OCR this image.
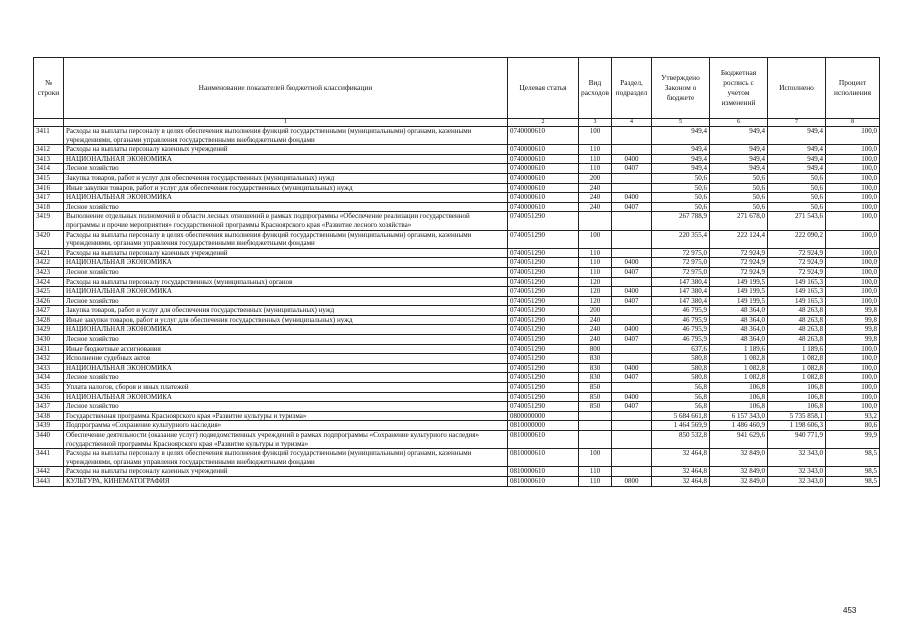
№ строки	Наименование показателей бюджетной классификации	Целевая статья	Вид расходов	Раздел, подраздел	Утверждено Законом о бюджете	Бюджетная роспись с учетом изменений	Исполнено	Процент исполнения
	1	2	3	4	5	6	7	8
3411	Расходы на выплаты персоналу в целях обеспечения выполнения функций государственными (муниципальными) органами, казенными учреждениями, органами управления государственными внебюджетными фондами	0740000610	100		949,4	949,4	949,4	100,0
3412	Расходы на выплаты персоналу казенных учреждений	0740000610	110		949,4	949,4	949,4	100,0
3413	НАЦИОНАЛЬНАЯ ЭКОНОМИКА	0740000610	110	0400	949,4	949,4	949,4	100,0
3414	Лесное хозяйство	0740000610	110	0407	949,4	949,4	949,4	100,0
3415	Закупка товаров, работ и услуг для обеспечения государственных (муниципальных) нужд	0740000610	200		50,6	50,6	50,6	100,0
3416	Иные закупки товаров, работ и услуг для обеспечения государственных (муниципальных) нужд	0740000610	240		50,6	50,6	50,6	100,0
3417	НАЦИОНАЛЬНАЯ ЭКОНОМИКА	0740000610	240	0400	50,6	50,6	50,6	100,0
3418	Лесное хозяйство	0740000610	240	0407	50,6	50,6	50,6	100,0
3419	Выполнение отдельных полномочий в области лесных отношений в рамках подпрограммы «Обеспечение реализации государственной программы и прочие мероприятия» государственной программы Красноярского края «Развитие лесного хозяйства»	0740051290			267 788,9	271 678,0	271 543,6	100,0
3420	Расходы на выплаты персоналу в целях обеспечения выполнения функций государственными (муниципальными) органами, казенными учреждениями, органами управления государственными внебюджетными фондами	0740051290	100		220 355,4	222 124,4	222 090,2	100,0
3421	Расходы на выплаты персоналу казенных учреждений	0740051290	110		72 975,0	72 924,9	72 924,9	100,0
3422	НАЦИОНАЛЬНАЯ ЭКОНОМИКА	0740051290	110	0400	72 975,0	72 924,9	72 924,9	100,0
3423	Лесное хозяйство	0740051290	110	0407	72 975,0	72 924,9	72 924,9	100,0
3424	Расходы на выплаты персоналу государственных (муниципальных) органов	0740051290	120		147 380,4	149 199,5	149 165,3	100,0
3425	НАЦИОНАЛЬНАЯ ЭКОНОМИКА	0740051290	120	0400	147 380,4	149 199,5	149 165,3	100,0
3426	Лесное хозяйство	0740051290	120	0407	147 380,4	149 199,5	149 165,3	100,0
3427	Закупка товаров, работ и услуг для обеспечения государственных (муниципальных) нужд	0740051290	200		46 795,9	48 364,0	48 263,8	99,8
3428	Иные закупки товаров, работ и услуг для обеспечения государственных (муниципальных) нужд	0740051290	240		46 795,9	48 364,0	48 263,8	99,8
3429	НАЦИОНАЛЬНАЯ ЭКОНОМИКА	0740051290	240	0400	46 795,9	48 364,0	48 263,8	99,8
3430	Лесное хозяйство	0740051290	240	0407	46 795,9	48 364,0	48 263,8	99,8
3431	Иные бюджетные ассигнования	0740051290	800		637,6	1 189,6	1 189,6	100,0
3432	Исполнение судебных актов	0740051290	830		580,8	1 082,8	1 082,8	100,0
3433	НАЦИОНАЛЬНАЯ ЭКОНОМИКА	0740051290	830	0400	580,8	1 082,8	1 082,8	100,0
3434	Лесное хозяйство	0740051290	830	0407	580,8	1 082,8	1 082,8	100,0
3435	Уплата налогов, сборов и иных платежей	0740051290	850		56,8	106,8	106,8	100,0
3436	НАЦИОНАЛЬНАЯ ЭКОНОМИКА	0740051290	850	0400	56,8	106,8	106,8	100,0
3437	Лесное хозяйство	0740051290	850	0407	56,8	106,8	106,8	100,0
3438	Государственная программа Красноярского края «Развитие культуры и туризма»	0800000000			5 684 661,8	6 157 343,0	5 735 858,1	93,2
3439	Подпрограмма «Сохранение культурного наследия»	0810000000			1 464 569,9	1 486 460,9	1 198 606,3	80,6
3440	Обеспечение деятельности (оказание услуг) подведомственных учреждений в рамках подпрограммы «Сохранение культурного наследия» государственной программы Красноярского края «Развитие культуры и туризма»	0810000610			850 532,8	941 629,6	940 771,9	99,9
3441	Расходы на выплаты персоналу в целях обеспечения выполнения функций государственными (муниципальными) органами, казенными учреждениями, органами управления государственными внебюджетными фондами	0810000610	100		32 464,8	32 849,0	32 343,0	98,5
3442	Расходы на выплаты персоналу казенных учреждений	0810000610	110		32 464,8	32 849,0	32 343,0	98,5
3443	КУЛЬТУРА, КИНЕМАТОГРАФИЯ	0810000610	110	0800	32 464,8	32 849,0	32 343,0	98,5
453
